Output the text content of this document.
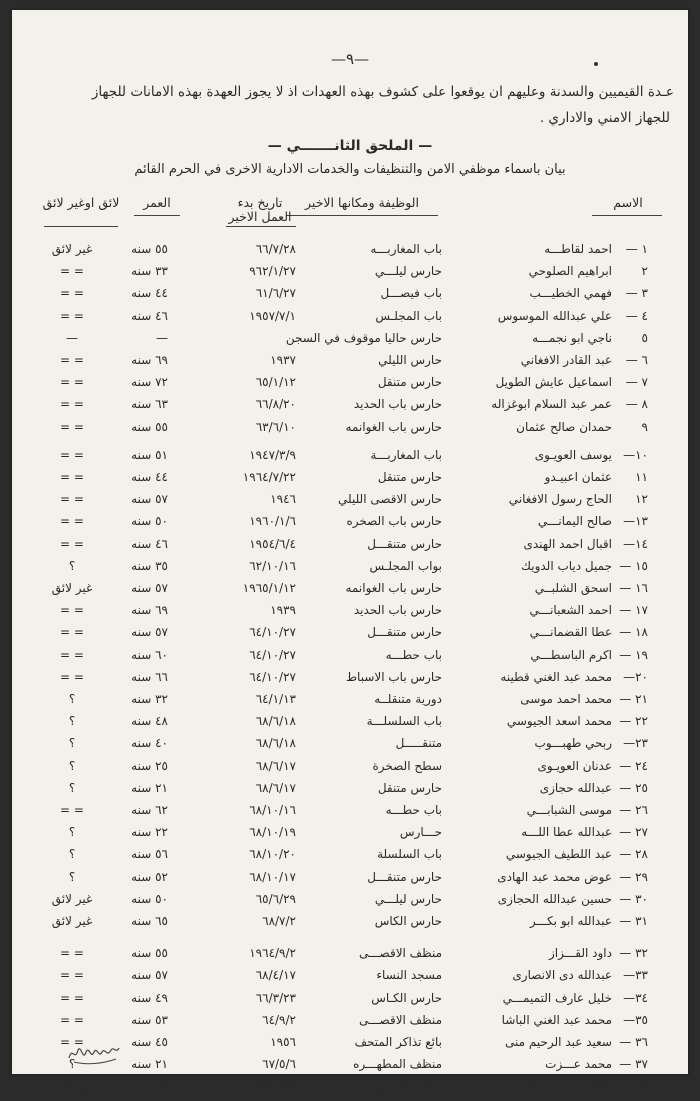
—٩—
عـدة القيميين والسدنة وعليهم ان يوقعوا على كشوف بهذه العهدات اذ لا يجوز العهدة بهذه الامانات للجهاز
للجهاز الامني والاداري .
— الملحق الثانـــــــي —
بيان باسماء موظفي الامن والتنظيفات والخدمات الادارية الاخرى في الحرم القائم
الاسم
الوظيفة ومكانها الاخير
تاريخ بدء العمل الاخير
العمر
لائق اوغير لائق
١ —
احمد لقاطـــه
باب المغاربـــه
٦٦/٧/٢٨
٥٥ سنه
غير لائق
٢
ابراهيم الصلوحي
حارس ليلـــي
٩٦٢/١/٢٧
٣٣ سنه
= =
٣ —
فهمي الخطيـــب
باب فيصـــل
٦١/٦/٢٧
٤٤ سنه
= =
٤ —
علي عبدالله الموسوس
باب المجلـس
١٩٥٧/٧/١
٤٦ سنه
= =
٥
ناجي ابو نجمـــه
حارس حاليا موقوف في السجن
—
—
٦ —
عبد القادر الافغاني
حارس الليلي
١٩٣٧
٦٩ سنه
= =
٧ —
اسماعيل عايش الطويل
حارس متنقل
٦٥/١/١٢
٧٢ سنه
= =
٨ —
عمر عبد السلام ابوغزاله
حارس باب الحديد
٦٦/٨/٢٠
٦٣ سنه
= =
٩
حمدان صالح عثمان
حارس باب الغوانمه
٦٣/٦/١٠
٥٥ سنه
= =
١٠—
يوسف العويـوى
باب المغاربـــة
١٩٤٧/٣/٩
٥١ سنه
= =
١١
عثمان اعبيـدو
حارس متنقل
١٩٦٤/٧/٢٢
٤٤ سنه
= =
١٢
الحاج رسول الافغاني
حارس الاقصى الليلي
١٩٤٦
٥٧ سنه
= =
١٣—
صالح اليمانـــي
حارس باب الصخره
١٩٦٠/١/٦
٥٠ سنه
= =
١٤—
اقبال احمد الهندى
حارس متنقـــل
١٩٥٤/٦/٤
٤٦ سنه
= =
١٥ —
جميل دياب الدويك
بواب المجلـس
٦٢/١٠/١٦
٣٥ سنه
؟
١٦ —
اسحق الشلبــي
حارس باب الغوانمه
١٩٦٥/١/١٢
٥٧ سنه
غير لائق
١٧ —
احمد الشعبانـــي
حارس باب الحديد
١٩٣٩
٦٩ سنه
= =
١٨ —
عطا القضمانـــي
حارس متنقـــل
٦٤/١٠/٢٧
٥٧ سنه
= =
١٩ —
اكرم الباسطـــي
باب حطـــه
٦٤/١٠/٢٧
٦٠ سنه
= =
٢٠—
محمد عبد الغني قطينه
حارس باب الاسباط
٦٤/١٠/٢٧
٦٦ سنه
= =
٢١ —
محمد احمد موسى
دورية متنقلــه
٦٤/١/١٣
٣٢ سنه
؟
٢٢ —
محمد اسعد الجيوسي
باب السلسلـــة
٦٨/٦/١٨
٤٨ سنه
؟
٢٣—
ربحي طهبـــوب
متنقـــــل
٦٨/٦/١٨
٤٠ سنه
؟
٢٤ —
عدنان العويـوى
سطح الصخرة
٦٨/٦/١٧
٢٥ سنه
؟
٢٥ —
عبدالله حجازى
حارس متنقل
٦٨/٦/١٧
٢١ سنه
؟
٢٦ —
موسى الشبابـــي
باب حطـــه
٦٨/١٠/١٦
٦٢ سنه
= =
٢٧ —
عبدالله عطا اللـــه
حـــارس
٦٨/١٠/١٩
٢٢ سنه
؟
٢٨ —
عبد اللطيف الجيوسي
باب السلسلة
٦٨/١٠/٢٠
٥٦ سنه
؟
٢٩ —
عوض محمد عبد الهادى
حارس متنقـــل
٦٨/١٠/١٧
٥٢ سنه
؟
٣٠ —
حسين عبدالله الحجازى
حارس ليلـــي
٦٥/٦/٢٩
٥٠ سنه
غير لائق
٣١ —
عبدالله ابو بكـــر
حارس الكاس
٦٨/٧/٢
٦٥ سنه
غير لائق
٣٢ —
داود القـــزاز
منظف الاقصـــى
١٩٦٤/٩/٢
٥٥ سنه
= =
٣٣—
عبدالله دى الانصارى
مسجد النساء
٦٨/٤/١٧
٥٧ سنه
= =
٣٤—
خليل عارف التميمـــي
حارس الكـاس
٦٦/٣/٢٣
٤٩ سنه
= =
٣٥—
محمد عبد الغني الباشا
منظف الاقصـــى
٦٤/٩/٢
٥٣ سنه
= =
٣٦ —
سعيد عبد الرحيم منى
بائع تذاكر المتحف
١٩٥٦
٤٥ سنه
= =
٣٧ —
محمد عـــزت
منظف المطهـــره
٦٧/٥/٦
٢١ سنه
؟
٣٨ —
فاطمه عبد السلام بدر
منظفه المطهـــره
٦٧/٤/٢٩
٦٦ سنه
غير لائقه
